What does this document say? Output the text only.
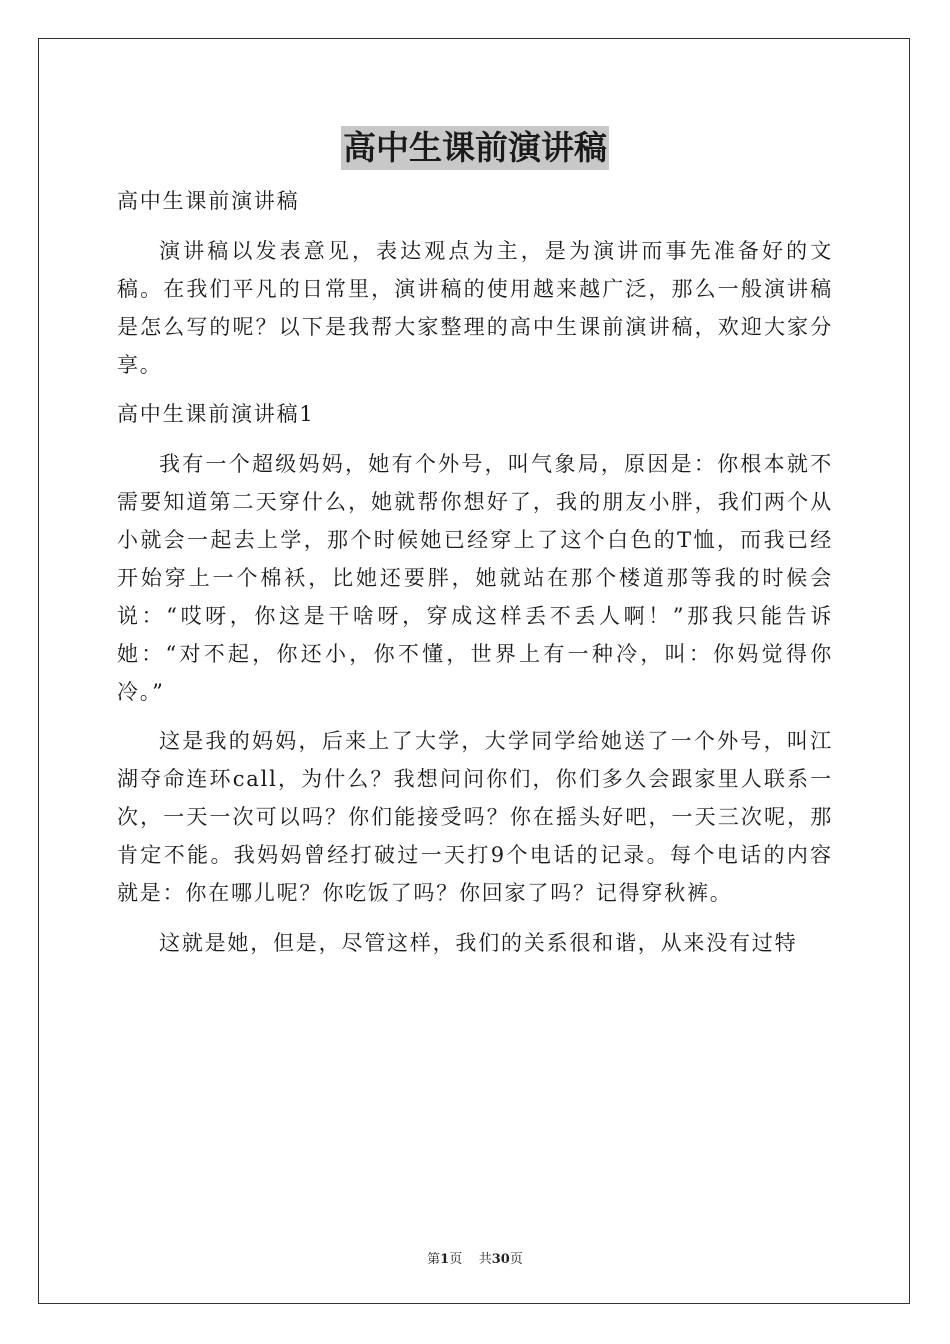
高中生课前演讲稿

高中生课前演讲稿

演讲稿以发表意见，表达观点为主，是为演讲而事先准备好的文稿。在我们平凡的日常里，演讲稿的使用越来越广泛，那么一般演讲稿是怎么写的呢？以下是我帮大家整理的高中生课前演讲稿，欢迎大家分享。

高中生课前演讲稿1

我有一个超级妈妈，她有个外号，叫气象局，原因是：你根本就不需要知道第二天穿什么，她就帮你想好了，我的朋友小胖，我们两个从小就会一起去上学，那个时候她已经穿上了这个白色的T恤，而我已经开始穿上一个棉袄，比她还要胖，她就站在那个楼道那等我的时候会说：“哎呀，你这是干啥呀，穿成这样丢不丢人啊！”那我只能告诉她：“对不起，你还小，你不懂，世界上有一种冷，叫：你妈觉得你冷。”

这是我的妈妈，后来上了大学，大学同学给她送了一个外号，叫江湖夺命连环call，为什么？我想问问你们，你们多久会跟家里人联系一次，一天一次可以吗？你们能接受吗？你在摇头好吧，一天三次呢，那肯定不能。我妈妈曾经打破过一天打9个电话的记录。每个电话的内容就是：你在哪儿呢？你吃饭了吗？你回家了吗？记得穿秋裤。

这就是她，但是，尽管这样，我们的关系很和谐，从来没有过特

第1页 共30页
